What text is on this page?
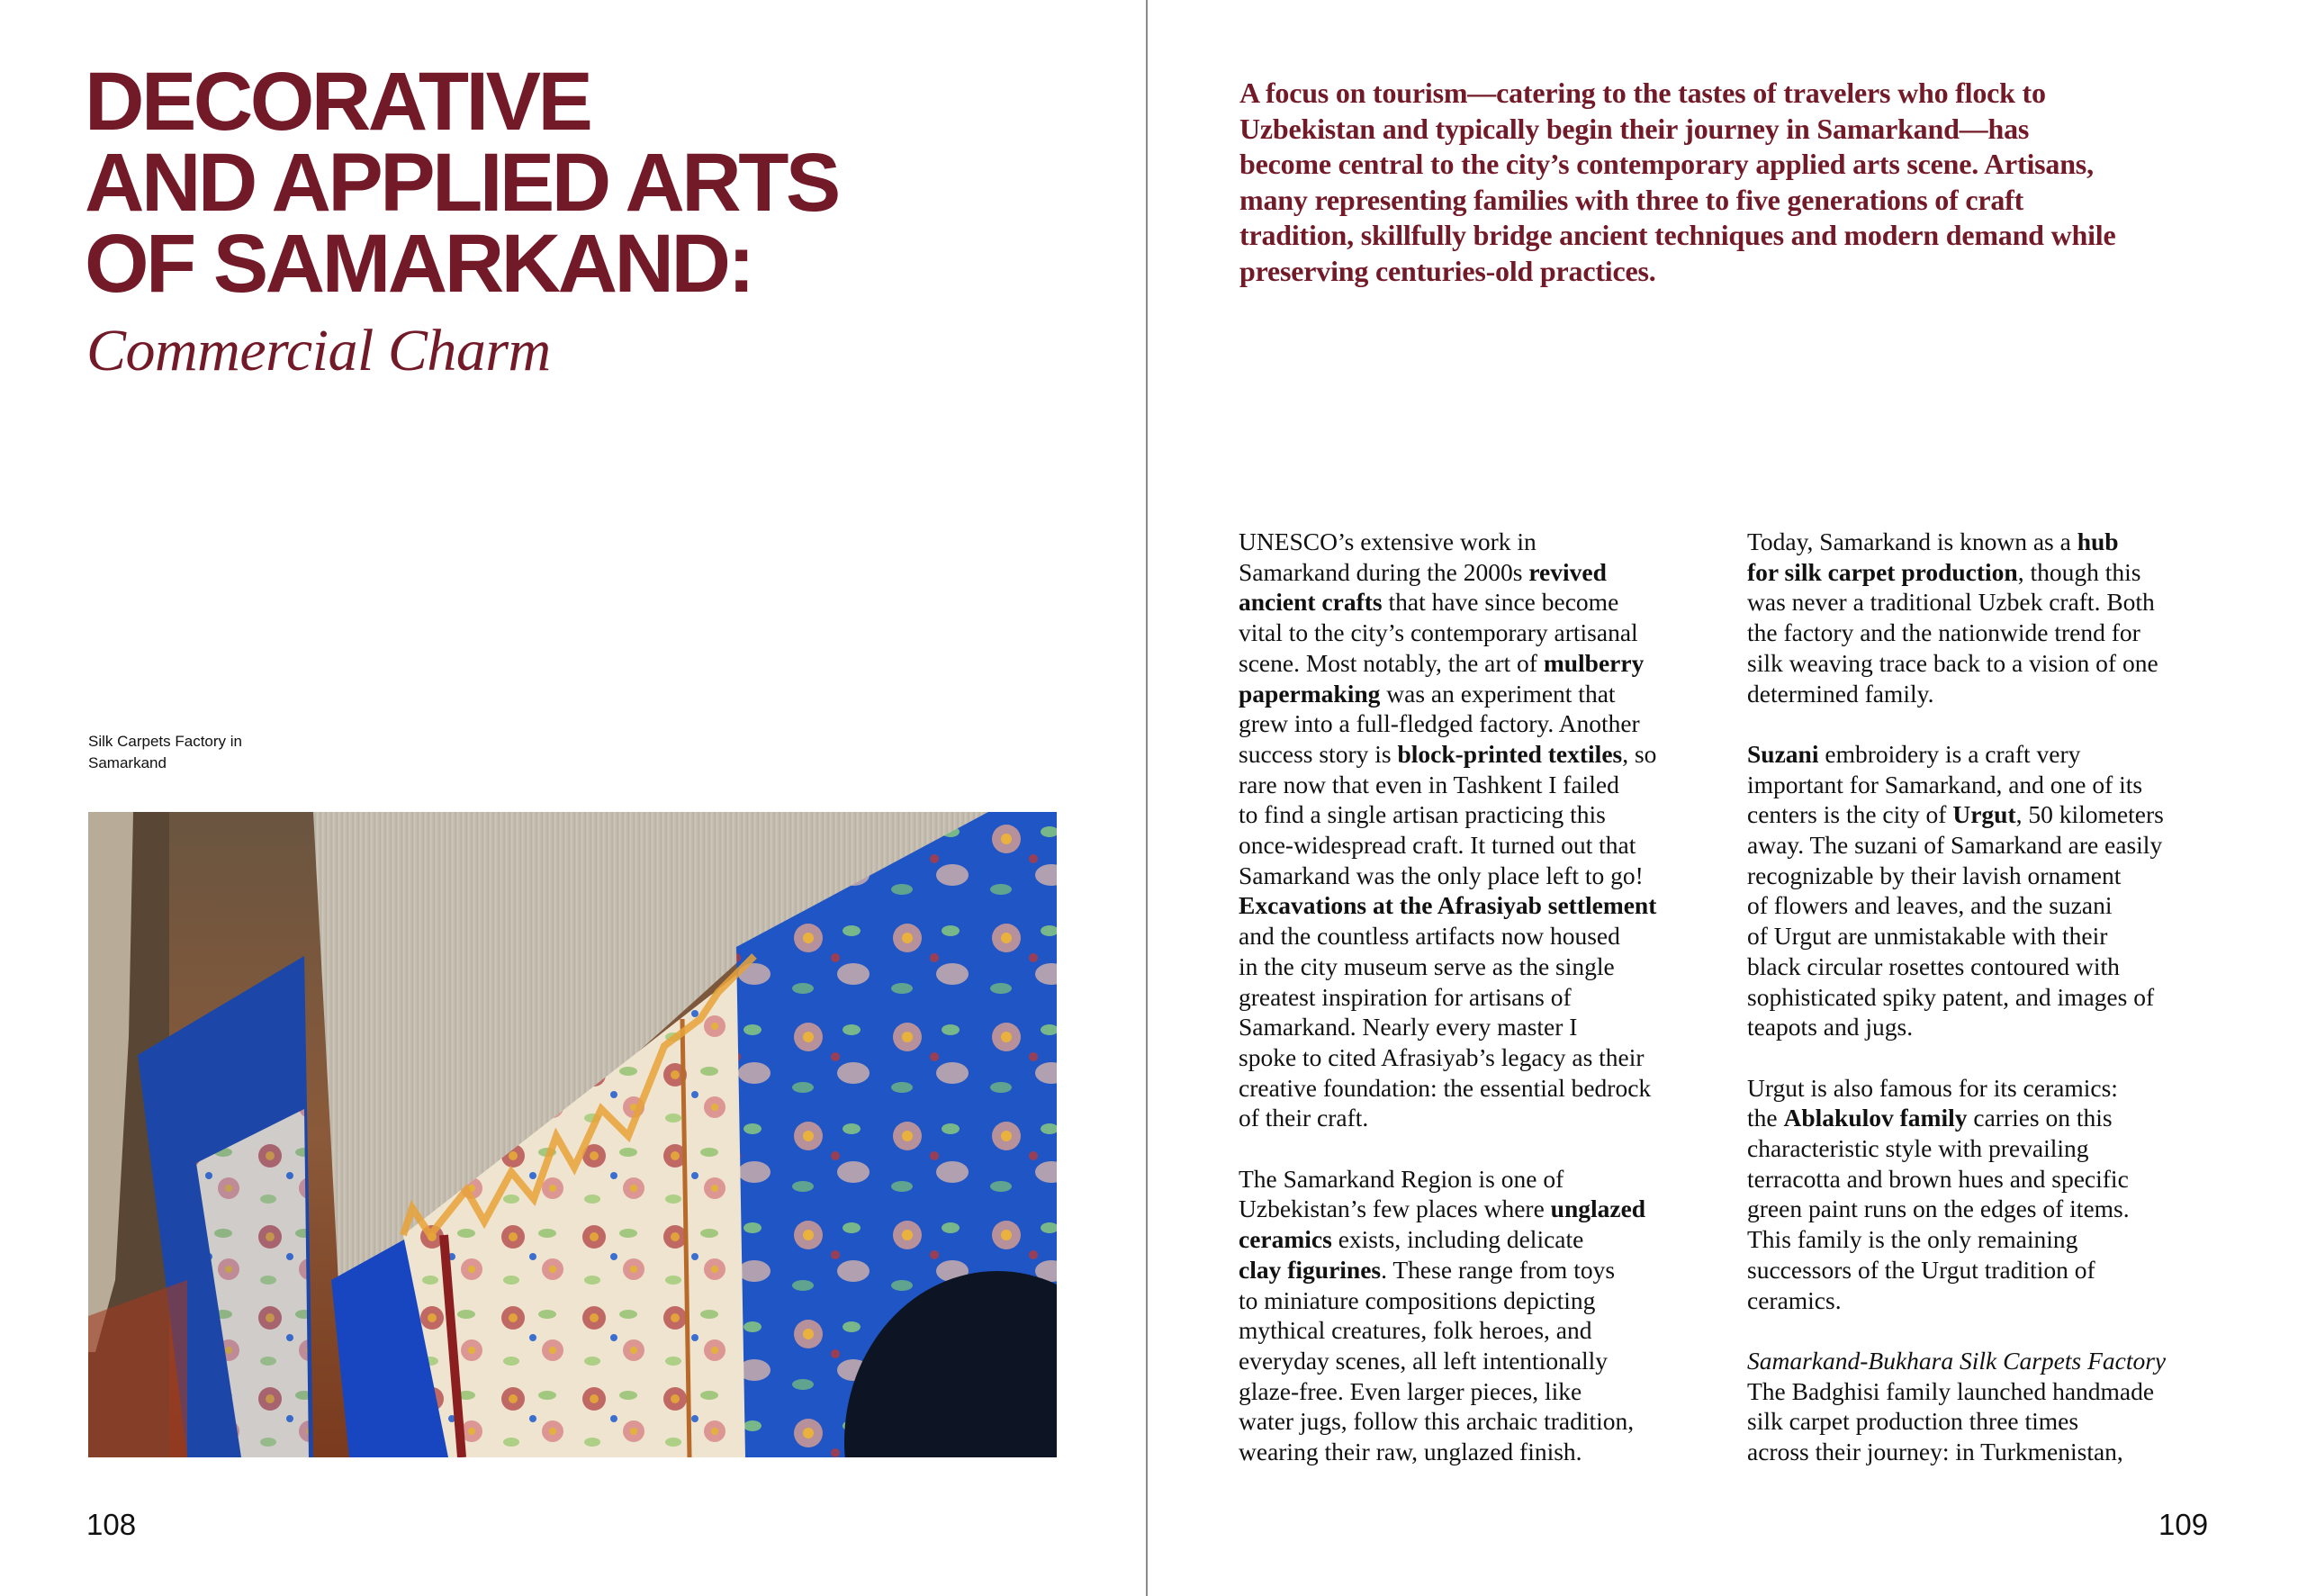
DECORATIVE
AND APPLIED ARTS
OF SAMARKAND:
Commercial Charm
Silk Carpets Factory in
Samarkand
108
A focus on tourism—catering to the tastes of travelers who flock to
Uzbekistan and typically begin their journey in Samarkand—has
become central to the city’s contemporary applied arts scene. Artisans,
many representing families with three to five generations of craft
tradition, skillfully bridge ancient techniques and modern demand while
preserving centuries-old practices.
UNESCO’s extensive work in
Samarkand during the 2000s revived
ancient crafts that have since become
vital to the city’s contemporary artisanal
scene. Most notably, the art of mulberry
papermaking was an experiment that
grew into a full-fledged factory. Another
success story is block-printed textiles, so
rare now that even in Tashkent I failed
to find a single artisan practicing this
once-widespread craft. It turned out that
Samarkand was the only place left to go!
Excavations at the Afrasiyab settlement
and the countless artifacts now housed
in the city museum serve as the single
greatest inspiration for artisans of
Samarkand. Nearly every master I
spoke to cited Afrasiyab’s legacy as their
creative foundation: the essential bedrock
of their craft.
The Samarkand Region is one of
Uzbekistan’s few places where unglazed
ceramics exists, including delicate
clay figurines. These range from toys
to miniature compositions depicting
mythical creatures, folk heroes, and
everyday scenes, all left intentionally
glaze-free. Even larger pieces, like
water jugs, follow this archaic tradition,
wearing their raw, unglazed finish.
Today, Samarkand is known as a hub
for silk carpet production, though this
was never a traditional Uzbek craft. Both
the factory and the nationwide trend for
silk weaving trace back to a vision of one
determined family.
Suzani embroidery is a craft very
important for Samarkand, and one of its
centers is the city of Urgut, 50 kilometers
away. The suzani of Samarkand are easily
recognizable by their lavish ornament
of flowers and leaves, and the suzani
of Urgut are unmistakable with their
black circular rosettes contoured with
sophisticated spiky patent, and images of
teapots and jugs.
Urgut is also famous for its ceramics:
the Ablakulov family carries on this
characteristic style with prevailing
terracotta and brown hues and specific
green paint runs on the edges of items.
This family is the only remaining
successors of the Urgut tradition of
ceramics.
Samarkand-Bukhara Silk Carpets Factory
The Badghisi family launched handmade
silk carpet production three times
across their journey: in Turkmenistan,
109
